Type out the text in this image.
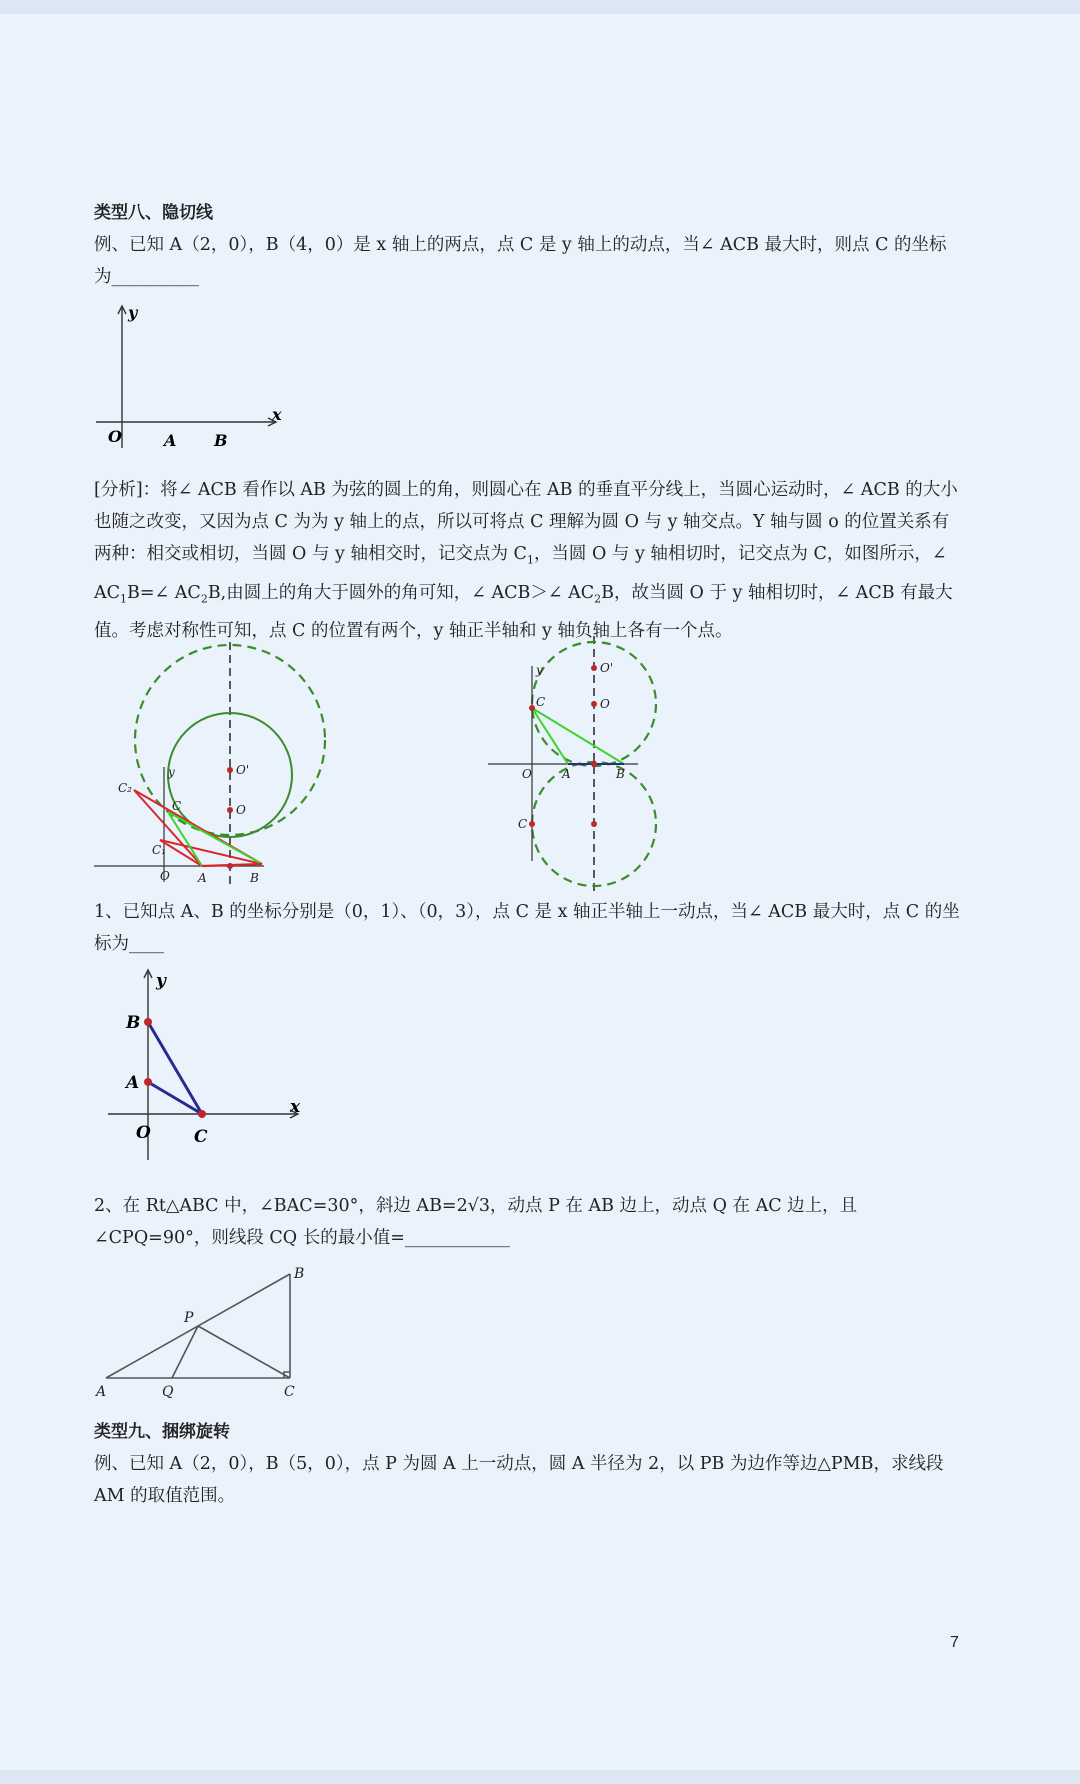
类型八、隐切线
例、已知 A（2，0），B（4，0）是 x 轴上的两点，点 C 是 y 轴上的动点，当∠ ACB 最大时，则点 C 的坐标为__________
y
x
O	A B
[分析]：将∠ ACB 看作以 AB 为弦的圆上的角，则圆心在 AB 的垂直平分线上，当圆心运动时，∠ ACB 的大小也随之改变，又因为点 C 为为 y 轴上的点，所以可将点 C 理解为圆 O 与 y 轴交点。Y 轴与圆 o 的位置关系有两种：相交或相切，当圆 O 与 y 轴相交时，记交点为 $C_1$，当圆 O 与 y 轴相切时，记交点为 C，如图所示，∠ $AC_1B=\angle$ $AC_2B$,由圆上的角大于圆外的角可知，∠ ACB＞∠ $AC_2B$，故当圆 O 于 y 轴相切时，∠ ACB 有最大值。考虑对称性可知，点 C 的位置有两个，y 轴正半轴和 y 轴负轴上各有一个点。
C₂
C
C₁
O'
O
O A	B
y
y	O'
O
C
O	A	B
C
1、已知点 A、B 的坐标分别是（0，1）、（0，3），点 C 是 x 轴正半轴上一动点，当∠ ACB 最大时，点 C 的坐标为____
y
B
A
x
O	C
2、在 Rt△ABC 中，∠BAC=30°，斜边 AB=2√3，动点 P 在 AB 边上，动点 Q 在 AC 边上，且∠CPQ=90°，则线段 CQ 长的最小值=____________
A	Q	C
P
B
类型九、捆绑旋转
例、已知 A（2，0），B（5，0），点 P 为圆 A 上一动点，圆 A 半径为 2，以 PB 为边作等边△PMB，求线段 AM 的取值范围。
7
